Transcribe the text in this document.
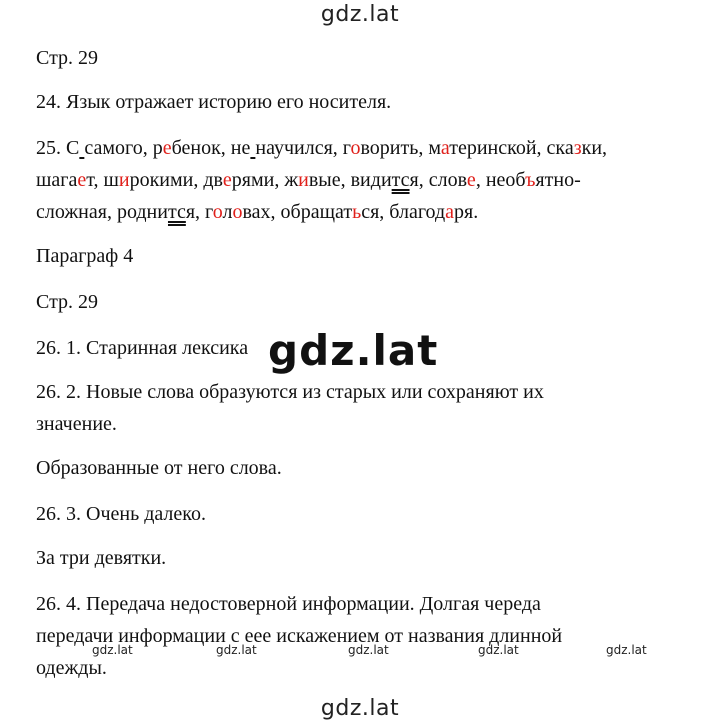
gdz.lat
Стр. 29
24. Язык отражает историю его носителя.
25. С самого, ребенок, не научился, говорить, материнской, сказки,
шагает, широкими, дверями, живые, видится, слове, необъятно-
сложная, роднится, головах, обращаться, благодаря.
Параграф 4
Стр. 29
26. 1. Старинная лексика gdz.lat
26. 2. Новые слова образуются из старых или сохраняют их
значение.
Образованные от него слова.
26. 3. Очень далеко.
За три девятки.
26. 4. Передача недостоверной информации. Долгая череда
передачи информации с еее искажением от названия длинной
одежды.
gdz.lat	gdz.lat	gdz.lat	gdz.lat	gdz.lat
gdz.lat
